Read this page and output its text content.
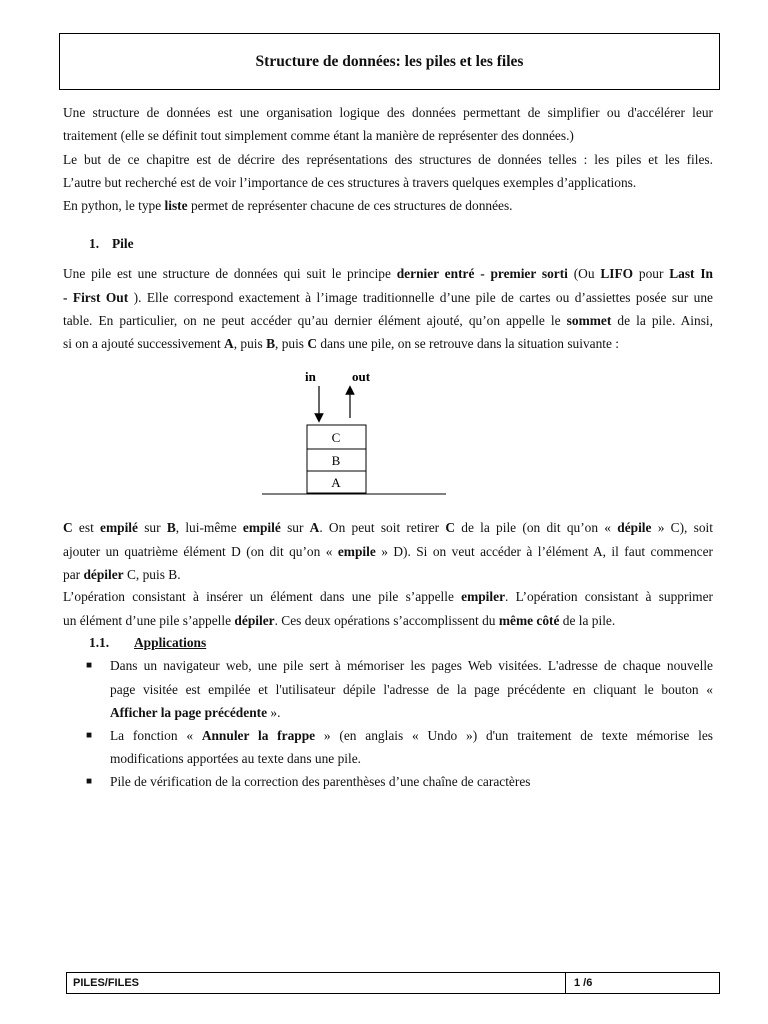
Structure de données: les piles et les files
Une structure de données est une organisation logique des données permettant de simplifier ou d'accélérer leur
traitement (elle se définit tout simplement comme étant la manière de représenter des données.)
Le but de ce chapitre est de décrire des représentations des structures de données telles : les piles et les files.
L’autre but recherché est de voir l’importance de ces structures à travers quelques exemples d’applications.
En python, le type liste permet de représenter chacune de ces structures de données.
1. Pile
Une pile est une structure de données qui suit le principe dernier entré - premier sorti (Ou LIFO pour Last In
- First Out ). Elle correspond exactement à l’image traditionnelle d’une pile de cartes ou d’assiettes posée sur une
table. En particulier, on ne peut accéder qu’au dernier élément ajouté, qu’on appelle le sommet de la pile. Ainsi,
si on a ajouté successivement A, puis B, puis C dans une pile, on se retrouve dans la situation suivante :
in	out
C
B
A
C est empilé sur B, lui-même empilé sur A. On peut soit retirer C de la pile (on dit qu’on « dépile » C), soit
ajouter un quatrième élément D (on dit qu’on « empile » D). Si on veut accéder à l’élément A, il faut commencer
par dépiler C, puis B.
L’opération consistant à insérer un élément dans une pile s’appelle empiler. L’opération consistant à supprimer
un élément d’une pile s’appelle dépiler. Ces deux opérations s’accomplissent du même côté de la pile.
1.1. Applications
■ Dans un navigateur web, une pile sert à mémoriser les pages Web visitées. L'adresse de chaque nouvelle
page visitée est empilée et l'utilisateur dépile l'adresse de la page précédente en cliquant le bouton «
Afficher la page précédente ».
■ La fonction « Annuler la frappe » (en anglais « Undo ») d'un traitement de texte mémorise les
modifications apportées au texte dans une pile.
■ Pile de vérification de la correction des parenthèses d’une chaîne de caractères
PILES/FILES	1 /6
